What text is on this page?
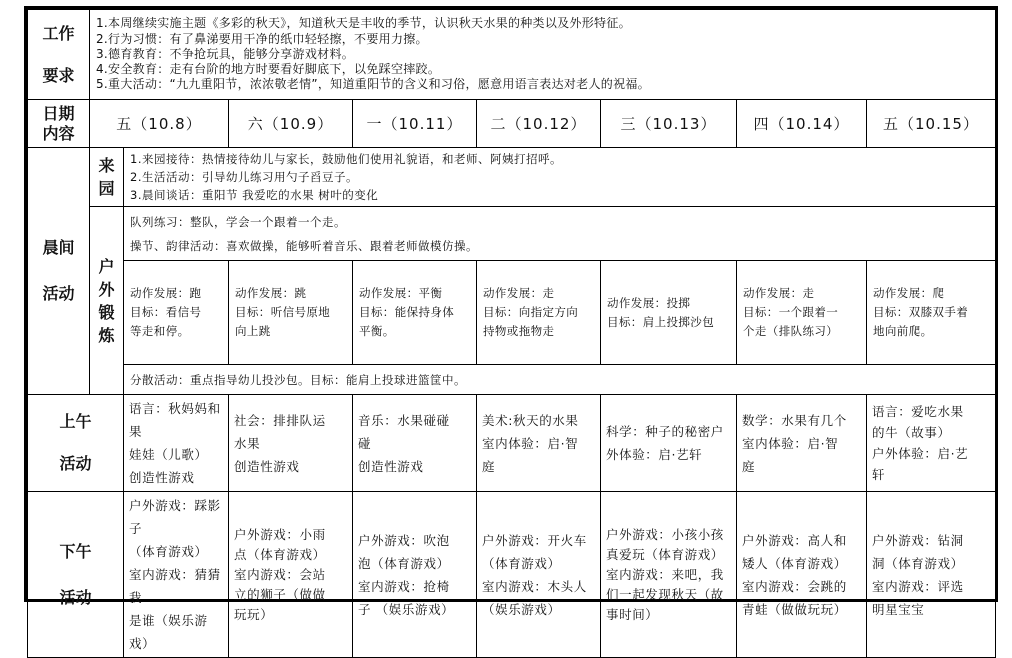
工作
要求	1.本周继续实施主题《多彩的秋天》，知道秋天是丰收的季节，认识秋天水果的种类以及外形特征。
2.行为习惯：有了鼻涕要用干净的纸巾轻轻擦，不要用力擦。
3.德育教育：不争抢玩具，能够分享游戏材料。
4.安全教育：走有台阶的地方时要看好脚底下，以免踩空摔跤。
5.重大活动：“九九重阳节，浓浓敬老情”，知道重阳节的含义和习俗，愿意用语言表达对老人的祝福。							

日期
内容	五（10.8）		六（10.9）	一（10.11）	二（10.12）	三（10.13）	四（10.14）	五（10.15）

晨间
活动	来
园	1.来园接待：热情接待幼儿与家长，鼓励他们使用礼貌语，和老师、阿姨打招呼。
2.生活活动：引导幼儿练习用勺子舀豆子。
3.晨间谈话：重阳节 我爱吃的水果 树叶的变化						

	户
外
锻
炼	队列练习：整队，学会一个跟着一个走。
操节、韵律活动：喜欢做操，能够听着音乐、跟着老师做模仿操。						

		动作发展：跑
目标：看信号
等走和停。	动作发展：跳
目标：听信号原地
向上跳	动作发展：平衡
目标：能保持身体
平衡。	动作发展：走
目标：向指定方向
持物或拖物走	动作发展：投掷
目标：肩上投掷沙包	动作发展：走
目标：一个跟着一
个走（排队练习）	动作发展：爬
目标：双膝双手着
地向前爬。

		分散活动：重点指导幼儿投沙包。目标：能肩上投球进篮筐中。						

上午
活动		语言：秋妈妈和果
娃娃（儿歌）
创造性游戏	社会：排排队运
水果
创造性游戏	音乐：水果碰碰
碰
创造性游戏	美术:秋天的水果
室内体验：启·智
庭	科学：种子的秘密户
外体验：启·艺轩	数学：水果有几个
室内体验：启·智
庭	语言：爱吃水果
的牛（故事）
户外体验：启·艺
轩

下午
活动		户外游戏：踩影子
（体育游戏）
室内游戏：猜猜我
是谁（娱乐游戏）	户外游戏：小雨
点（体育游戏）
室内游戏：会站
立的狮子（做做
玩玩）	户外游戏：吹泡
泡（体育游戏）
室内游戏：抢椅
子 （娱乐游戏）	户外游戏：开火车
（体育游戏）
室内游戏：木头人
（娱乐游戏）	户外游戏：小孩小孩
真爱玩（体育游戏）
室内游戏：来吧，我
们一起发现秋天（故
事时间）	户外游戏：高人和
矮人（体育游戏）
室内游戏：会跳的
青蛙（做做玩玩）	户外游戏：钻洞
洞（体育游戏）
室内游戏：评选
明星宝宝
